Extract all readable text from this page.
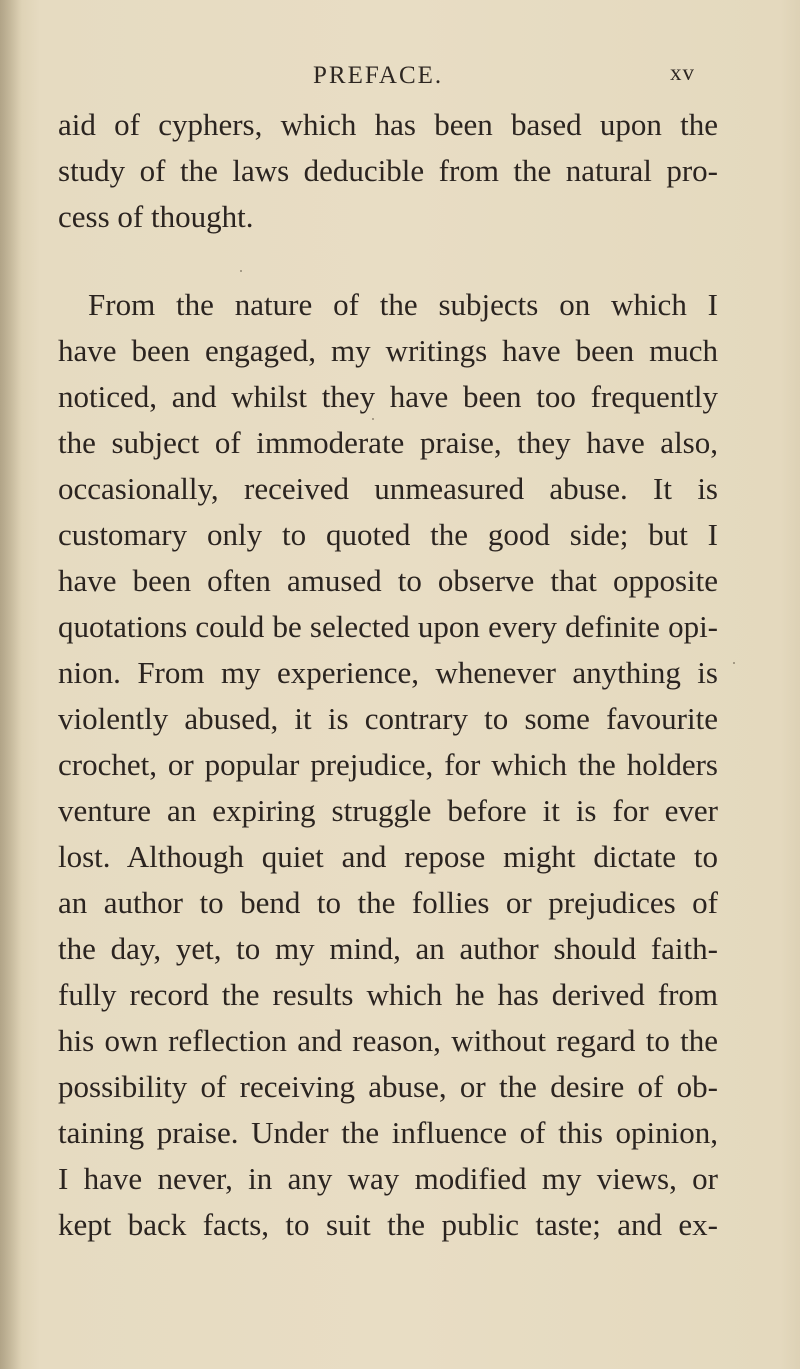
PREFACE.	xv
aid of cyphers, which has been based upon the
study of the laws deducible from the natural pro-
cess of thought.
From the nature of the subjects on which I
have been engaged, my writings have been much
noticed, and whilst they have been too frequently
the subject of immoderate praise, they have also,
occasionally, received unmeasured abuse. It is
customary only to quoted the good side; but I
have been often amused to observe that opposite
quotations could be selected upon every definite opi-
nion. From my experience, whenever anything is
violently abused, it is contrary to some favourite
crochet, or popular prejudice, for which the holders
venture an expiring struggle before it is for ever
lost. Although quiet and repose might dictate to
an author to bend to the follies or prejudices of
the day, yet, to my mind, an author should faith-
fully record the results which he has derived from
his own reflection and reason, without regard to the
possibility of receiving abuse, or the desire of ob-
taining praise. Under the influence of this opinion,
I have never, in any way modified my views, or
kept back facts, to suit the public taste; and ex-
